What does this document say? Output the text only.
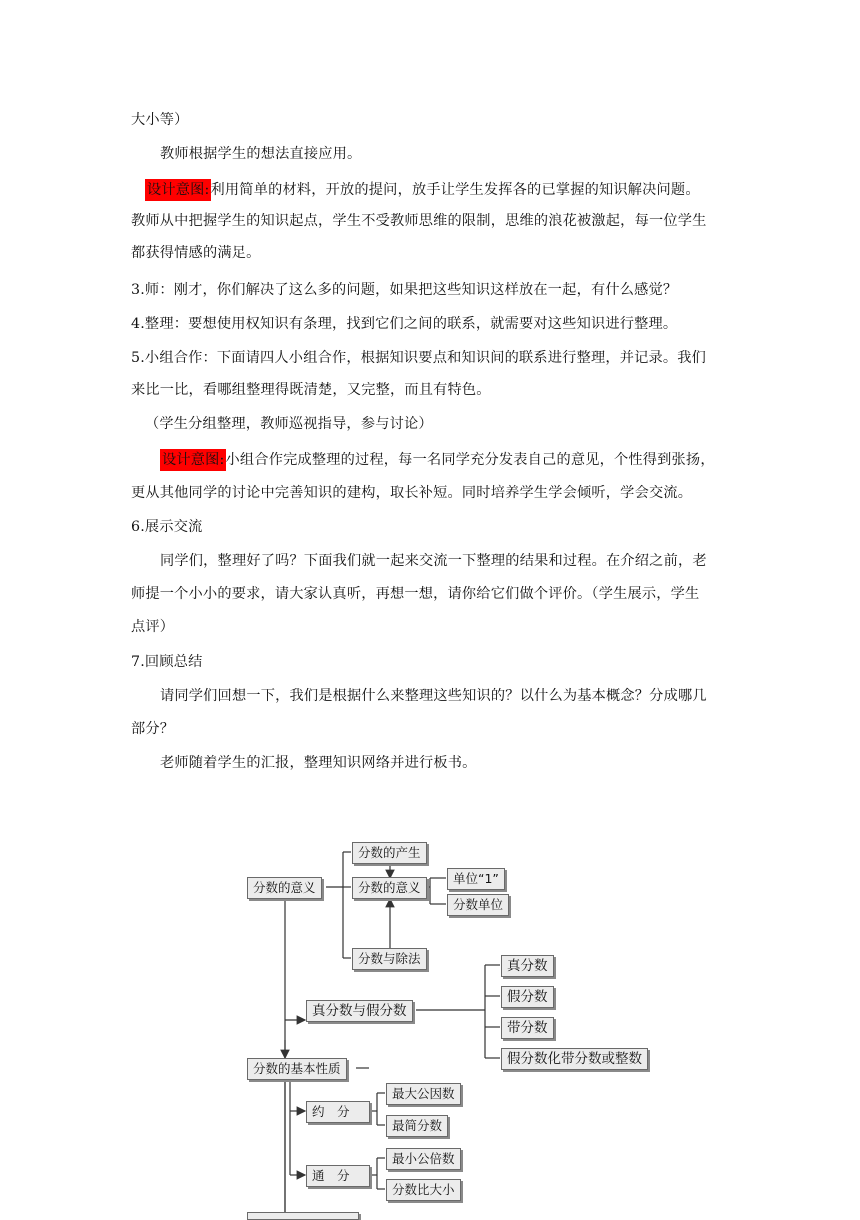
大小等）
教师根据学生的想法直接应用。
设计意图:利用简单的材料，开放的提问，放手让学生发挥各的已掌握的知识解决问题。
教师从中把握学生的知识起点，学生不受教师思维的限制，思维的浪花被激起，每一位学生
都获得情感的满足。
3.师：刚才，你们解决了这么多的问题，如果把这些知识这样放在一起，有什么感觉？
4.整理：要想使用权知识有条理，找到它们之间的联系，就需要对这些知识进行整理。
5.小组合作：下面请四人小组合作，根据知识要点和知识间的联系进行整理，并记录。我们
来比一比，看哪组整理得既清楚，又完整，而且有特色。
（学生分组整理，教师巡视指导，参与讨论）
设计意图:小组合作完成整理的过程，每一名同学充分发表自己的意见，个性得到张扬，
更从其他同学的讨论中完善知识的建构，取长补短。同时培养学生学会倾听，学会交流。
6.展示交流
同学们，整理好了吗？下面我们就一起来交流一下整理的结果和过程。在介绍之前，老
师提一个小小的要求，请大家认真听，再想一想，请你给它们做个评价。（学生展示，学生
点评）
7.回顾总结
请同学们回想一下，我们是根据什么来整理这些知识的？以什么为基本概念？分成哪几
部分？
老师随着学生的汇报，整理知识网络并进行板书。
分数的意义
分数的产生
分数的意义
单位“1”
分数单位
分数与除法
真分数与假分数
真分数
假分数
带分数
假分数化带分数或整数
分数的基本性质
约　分
最大公因数
最简分数
通　分
最小公倍数
分数比大小
